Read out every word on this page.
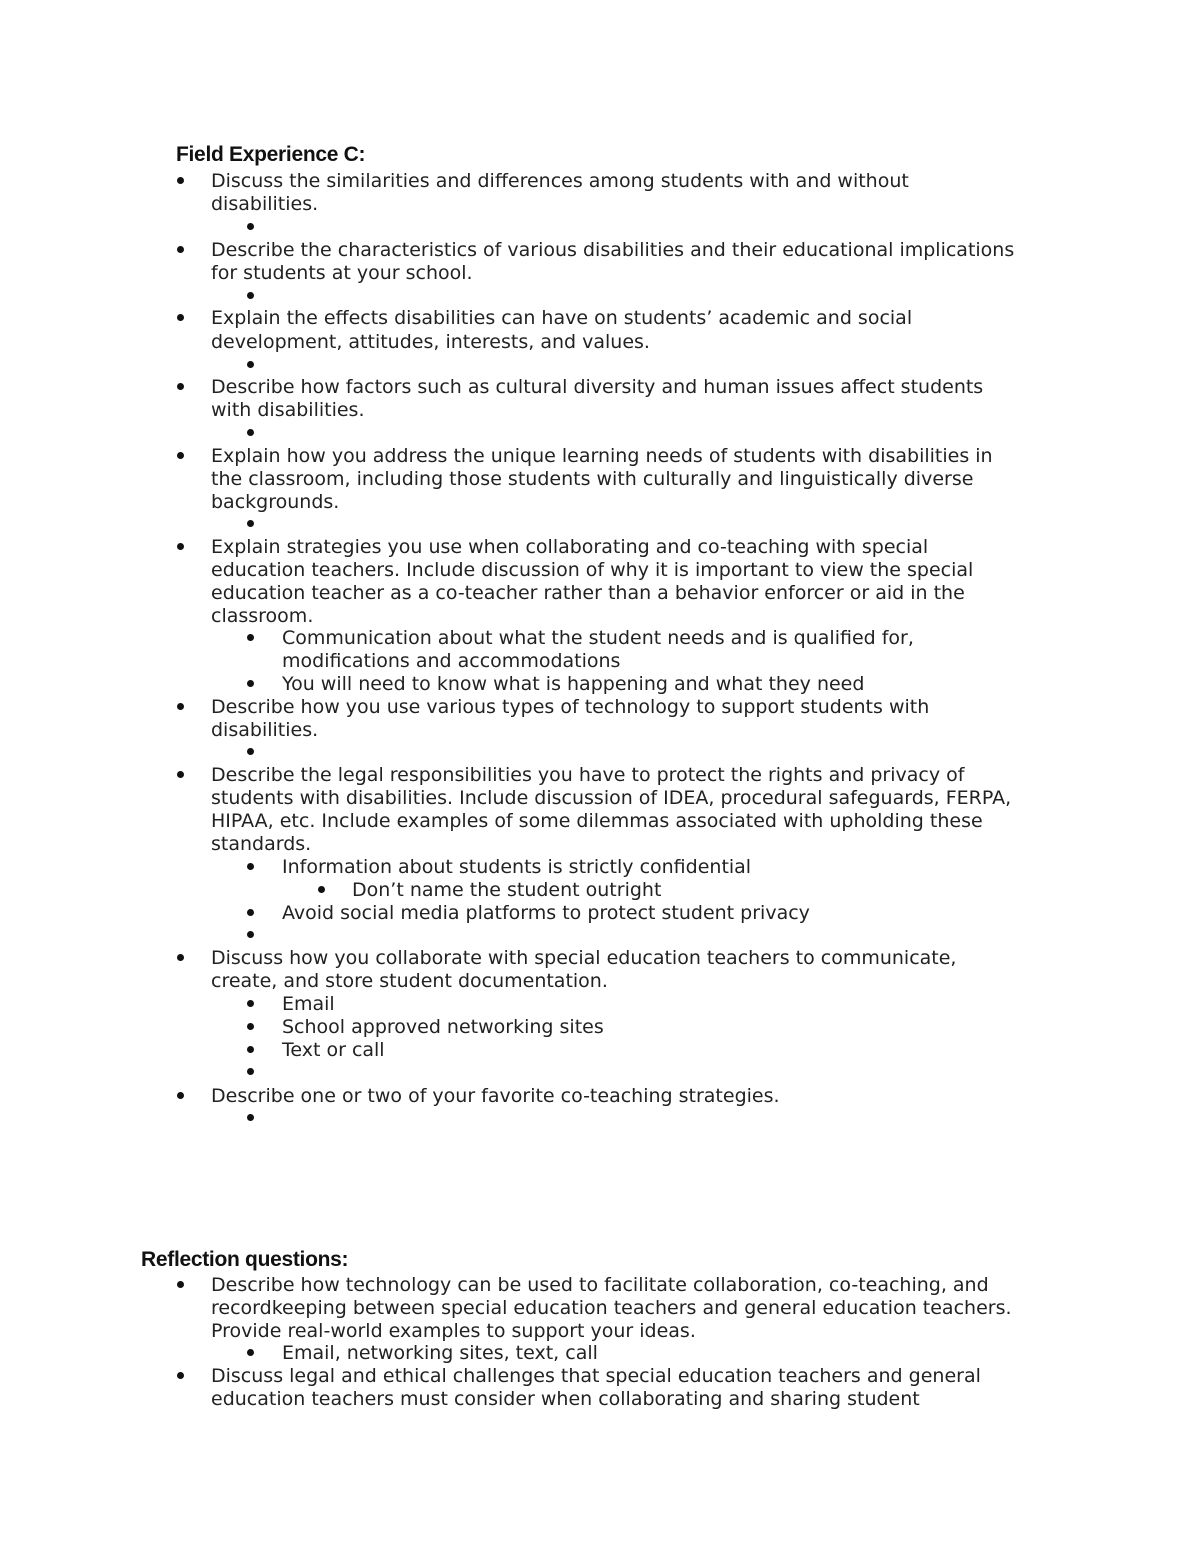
Field Experience C:
Discuss the similarities and differences among students with and without
disabilities.
Describe the characteristics of various disabilities and their educational implications
for students at your school.
Explain the effects disabilities can have on students’ academic and social
development, attitudes, interests, and values.
Describe how factors such as cultural diversity and human issues affect students
with disabilities.
Explain how you address the unique learning needs of students with disabilities in
the classroom, including those students with culturally and linguistically diverse
backgrounds.
Explain strategies you use when collaborating and co-teaching with special
education teachers. Include discussion of why it is important to view the special
education teacher as a co-teacher rather than a behavior enforcer or aid in the
classroom.
Communication about what the student needs and is qualified for,
modifications and accommodations
You will need to know what is happening and what they need
Describe how you use various types of technology to support students with
disabilities.
Describe the legal responsibilities you have to protect the rights and privacy of
students with disabilities. Include discussion of IDEA, procedural safeguards, FERPA,
HIPAA, etc. Include examples of some dilemmas associated with upholding these
standards.
Information about students is strictly confidential
Don’t name the student outright
Avoid social media platforms to protect student privacy
Discuss how you collaborate with special education teachers to communicate,
create, and store student documentation.
Email
School approved networking sites
Text or call
Describe one or two of your favorite co-teaching strategies.
Reflection questions:
Describe how technology can be used to facilitate collaboration, co-teaching, and
recordkeeping between special education teachers and general education teachers.
Provide real-world examples to support your ideas.
Email, networking sites, text, call
Discuss legal and ethical challenges that special education teachers and general
education teachers must consider when collaborating and sharing student
